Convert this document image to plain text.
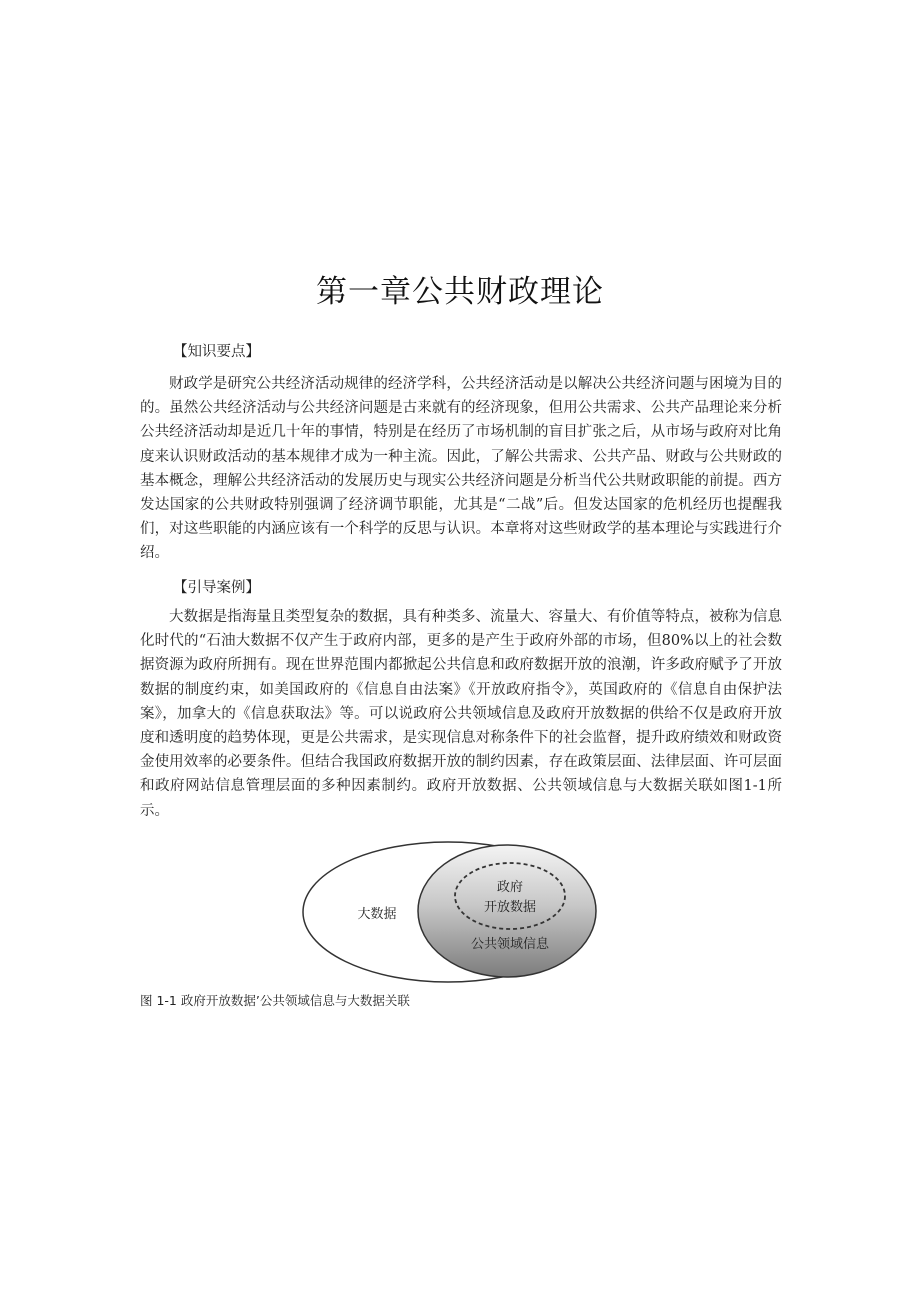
第一章公共财政理论
【知识要点】

财政学是研究公共经济活动规律的经济学科，公共经济活动是以解决公共经济问题与困境为目的的。虽然公共经济活动与公共经济问题是古来就有的经济现象，但用公共需求、公共产品理论来分析公共经济活动却是近几十年的事情，特别是在经历了市场机制的盲目扩张之后，从市场与政府对比角度来认识财政活动的基本规律才成为一种主流。因此，了解公共需求、公共产品、财政与公共财政的基本概念，理解公共经济活动的发展历史与现实公共经济问题是分析当代公共财政职能的前提。西方发达国家的公共财政特别强调了经济调节职能，尤其是“二战”后。但发达国家的危机经历也提醒我们，对这些职能的内涵应该有一个科学的反思与认识。本章将对这些财政学的基本理论与实践进行介绍。

【引导案例】

大数据是指海量且类型复杂的数据，具有种类多、流量大、容量大、有价值等特点，被称为信息化时代的“石油大数据不仅产生于政府内部，更多的是产生于政府外部的市场，但80%以上的社会数据资源为政府所拥有。现在世界范围内都掀起公共信息和政府数据开放的浪潮，许多政府赋予了开放数据的制度约束，如美国政府的《信息自由法案》《开放政府指令》，英国政府的《信息自由保护法案》，加拿大的《信息获取法》等。可以说政府公共领域信息及政府开放数据的供给不仅是政府开放度和透明度的趋势体现，更是公共需求，是实现信息对称条件下的社会监督，提升政府绩效和财政资金使用效率的必要条件。但结合我国政府数据开放的制约因素，存在政策层面、法律层面、许可层面和政府网站信息管理层面的多种因素制约。政府开放数据、公共领域信息与大数据关联如图1-1所示。

大数据
政府
开放数据
公共领域信息
图 1-1 政府开放数据’公共领域信息与大数据关联
